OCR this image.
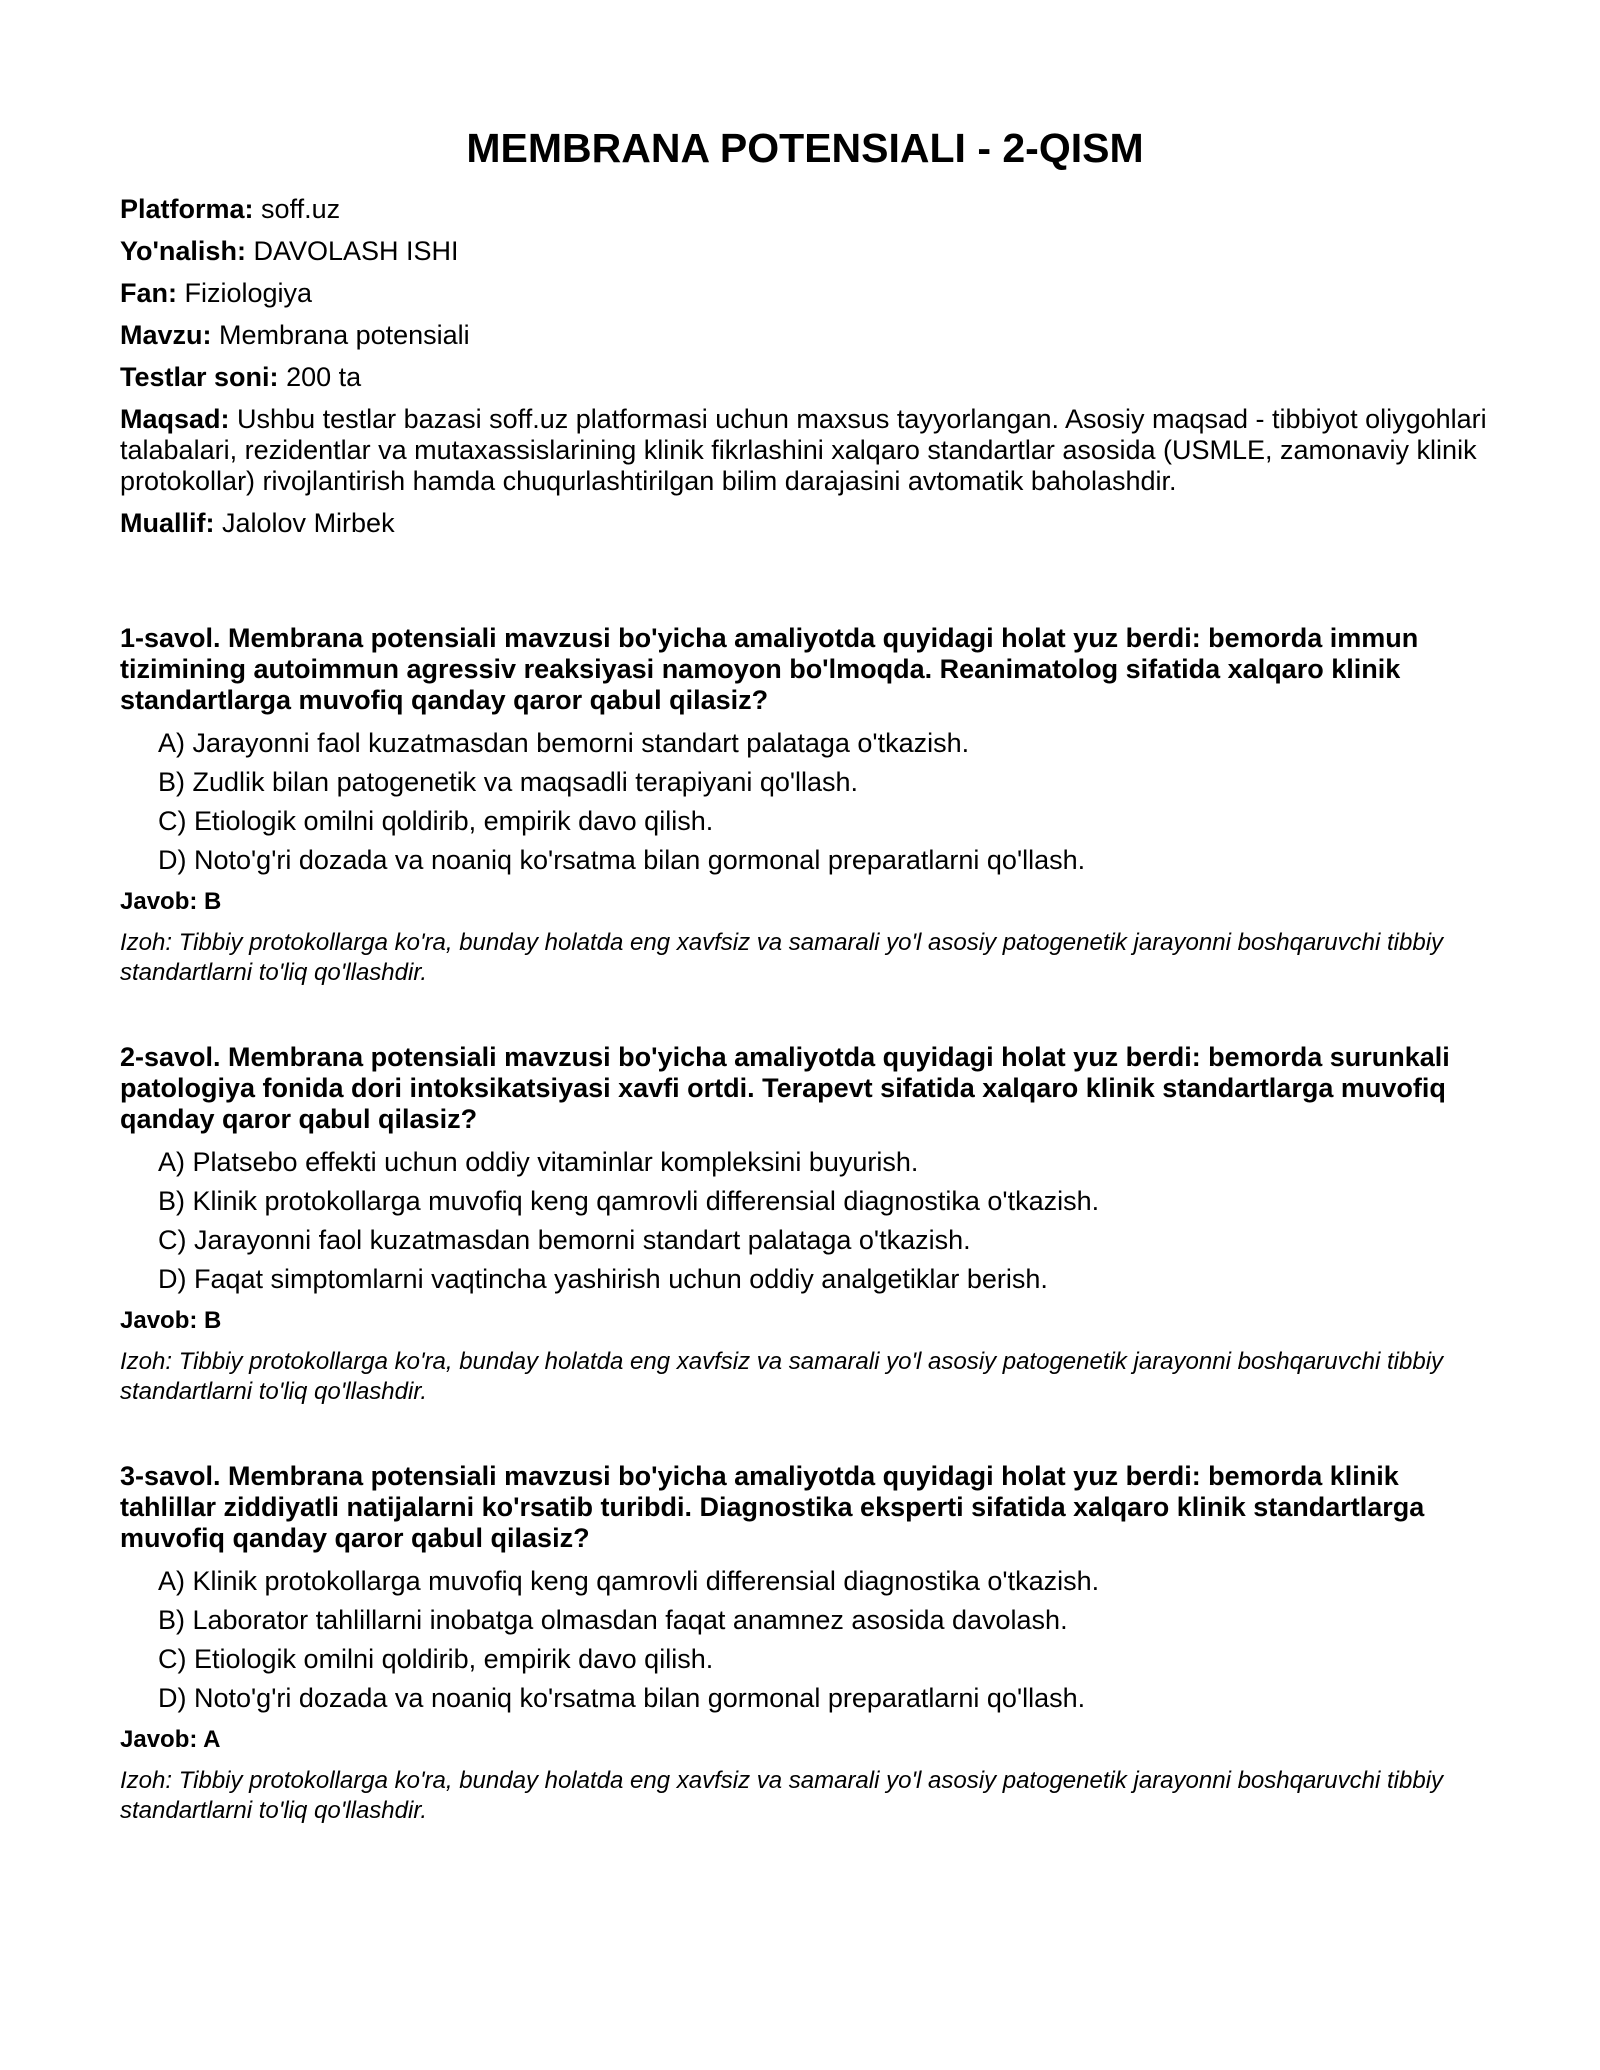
MEMBRANA POTENSIALI - 2-QISM
Platforma: soff.uz
Yo'nalish: DAVOLASH ISHI
Fan: Fiziologiya
Mavzu: Membrana potensiali
Testlar soni: 200 ta
Maqsad: Ushbu testlar bazasi soff.uz platformasi uchun maxsus tayyorlangan. Asosiy maqsad - tibbiyot oliygohlari talabalari, rezidentlar va mutaxassislarining klinik fikrlashini xalqaro standartlar asosida (USMLE, zamonaviy klinik protokollar) rivojlantirish hamda chuqurlashtirilgan bilim darajasini avtomatik baholashdir.
Muallif: Jalolov Mirbek

1-savol. Membrana potensiali mavzusi bo'yicha amaliyotda quyidagi holat yuz berdi: bemorda immun tizimining autoimmun agressiv reaksiyasi namoyon bo'lmoqda. Reanimatolog sifatida xalqaro klinik standartlarga muvofiq qanday qaror qabul qilasiz?

A) Jarayonni faol kuzatmasdan bemorni standart palataga o'tkazish.
B) Zudlik bilan patogenetik va maqsadli terapiyani qo'llash.
C) Etiologik omilni qoldirib, empirik davo qilish.
D) Noto'g'ri dozada va noaniq ko'rsatma bilan gormonal preparatlarni qo'llash.
Javob: B
Izoh: Tibbiy protokollarga ko'ra, bunday holatda eng xavfsiz va samarali yo'l asosiy patogenetik jarayonni boshqaruvchi tibbiy standartlarni to'liq qo'llashdir.

2-savol. Membrana potensiali mavzusi bo'yicha amaliyotda quyidagi holat yuz berdi: bemorda surunkali patologiya fonida dori intoksikatsiyasi xavfi ortdi. Terapevt sifatida xalqaro klinik standartlarga muvofiq qanday qaror qabul qilasiz?

A) Platsebo effekti uchun oddiy vitaminlar kompleksini buyurish.
B) Klinik protokollarga muvofiq keng qamrovli differensial diagnostika o'tkazish.
C) Jarayonni faol kuzatmasdan bemorni standart palataga o'tkazish.
D) Faqat simptomlarni vaqtincha yashirish uchun oddiy analgetiklar berish.
Javob: B
Izoh: Tibbiy protokollarga ko'ra, bunday holatda eng xavfsiz va samarali yo'l asosiy patogenetik jarayonni boshqaruvchi tibbiy standartlarni to'liq qo'llashdir.

3-savol. Membrana potensiali mavzusi bo'yicha amaliyotda quyidagi holat yuz berdi: bemorda klinik tahlillar ziddiyatli natijalarni ko'rsatib turibdi. Diagnostika eksperti sifatida xalqaro klinik standartlarga muvofiq qanday qaror qabul qilasiz?

A) Klinik protokollarga muvofiq keng qamrovli differensial diagnostika o'tkazish.
B) Laborator tahlillarni inobatga olmasdan faqat anamnez asosida davolash.
C) Etiologik omilni qoldirib, empirik davo qilish.
D) Noto'g'ri dozada va noaniq ko'rsatma bilan gormonal preparatlarni qo'llash.
Javob: A
Izoh: Tibbiy protokollarga ko'ra, bunday holatda eng xavfsiz va samarali yo'l asosiy patogenetik jarayonni boshqaruvchi tibbiy standartlarni to'liq qo'llashdir.
